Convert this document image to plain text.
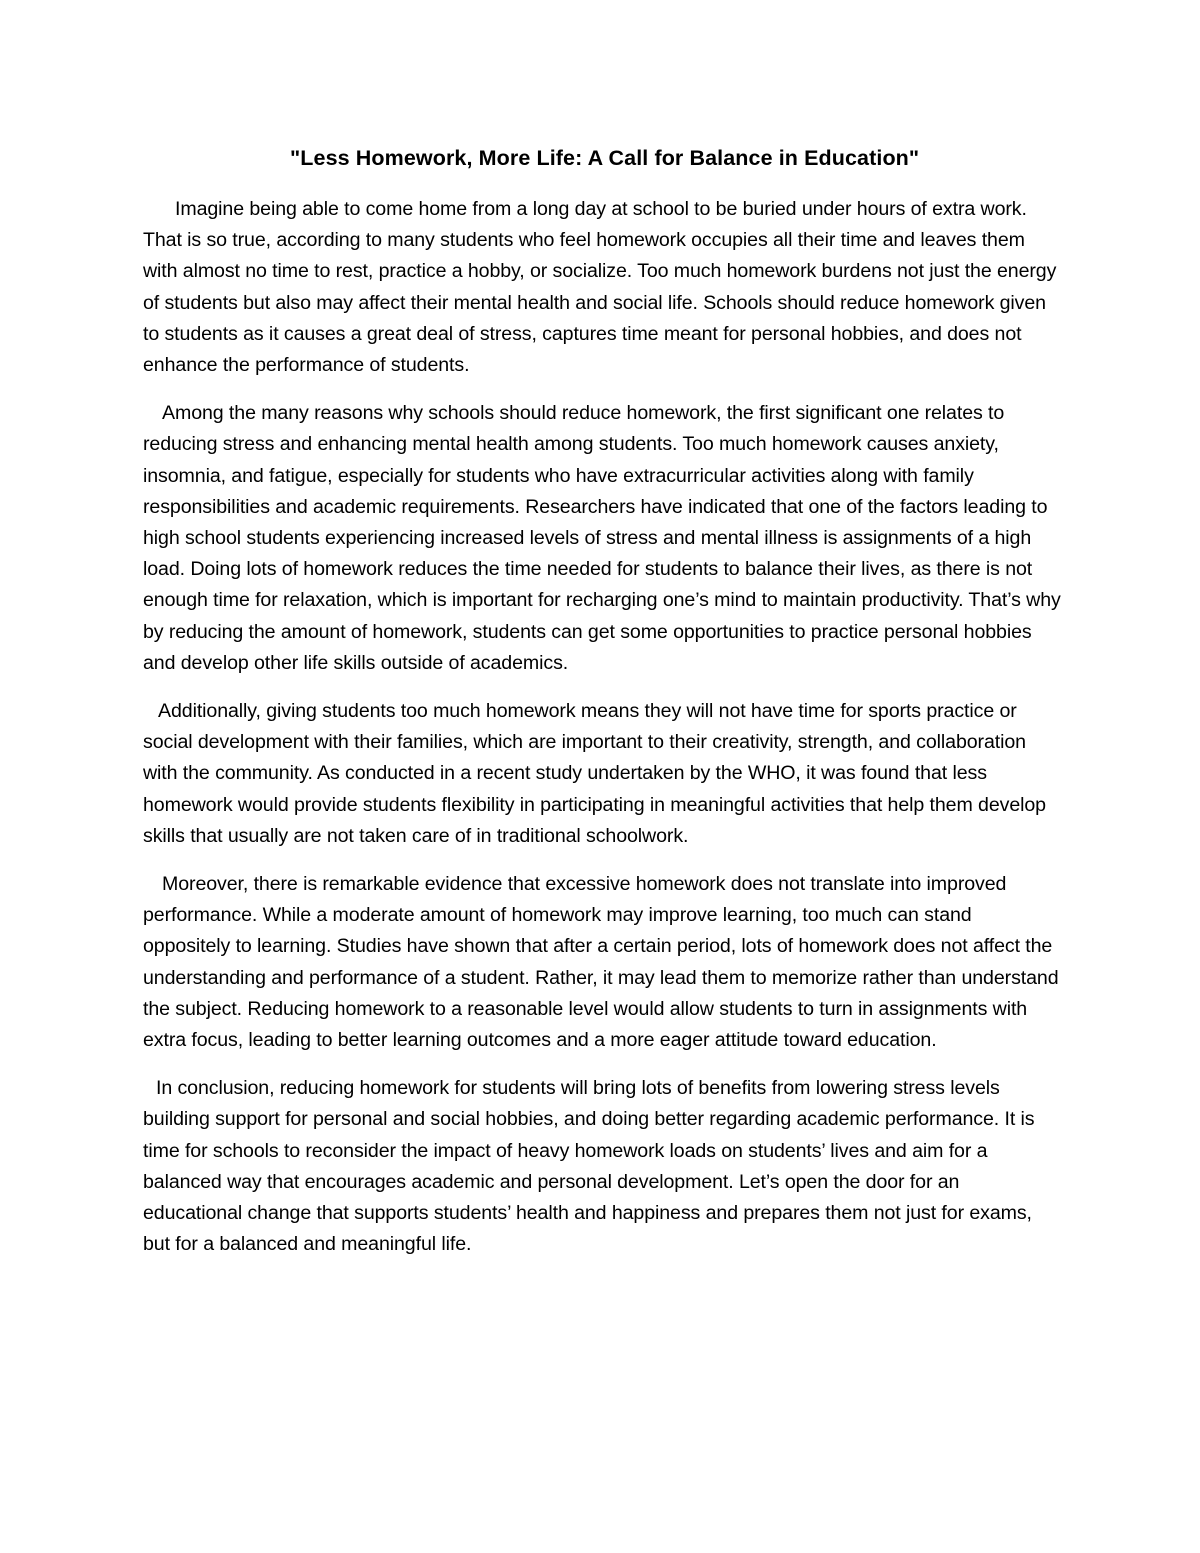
"Less Homework, More Life: A Call for Balance in Education"

Imagine being able to come home from a long day at school to be buried under hours of extra work. That is so true, according to many students who feel homework occupies all their time and leaves them with almost no time to rest, practice a hobby, or socialize. Too much homework burdens not just the energy of students but also may affect their mental health and social life. Schools should reduce homework given to students as it causes a great deal of stress, captures time meant for personal hobbies, and does not enhance the performance of students.

Among the many reasons why schools should reduce homework, the first significant one relates to reducing stress and enhancing mental health among students. Too much homework causes anxiety, insomnia, and fatigue, especially for students who have extracurricular activities along with family responsibilities and academic requirements. Researchers have indicated that one of the factors leading to high school students experiencing increased levels of stress and mental illness is assignments of a high load. Doing lots of homework reduces the time needed for students to balance their lives, as there is not enough time for relaxation, which is important for recharging one’s mind to maintain productivity. That’s why by reducing the amount of homework, students can get some opportunities to practice personal hobbies and develop other life skills outside of academics.

Additionally, giving students too much homework means they will not have time for sports practice or social development with their families, which are important to their creativity, strength, and collaboration with the community. As conducted in a recent study undertaken by the WHO, it was found that less homework would provide students flexibility in participating in meaningful activities that help them develop skills that usually are not taken care of in traditional schoolwork.

Moreover, there is remarkable evidence that excessive homework does not translate into improved performance. While a moderate amount of homework may improve learning, too much can stand oppositely to learning. Studies have shown that after a certain period, lots of homework does not affect the understanding and performance of a student. Rather, it may lead them to memorize rather than understand the subject. Reducing homework to a reasonable level would allow students to turn in assignments with extra focus, leading to better learning outcomes and a more eager attitude toward education.

In conclusion, reducing homework for students will bring lots of benefits from lowering stress levels building support for personal and social hobbies, and doing better regarding academic performance. It is time for schools to reconsider the impact of heavy homework loads on students’ lives and aim for a balanced way that encourages academic and personal development. Let’s open the door for an educational change that supports students’ health and happiness and prepares them not just for exams, but for a balanced and meaningful life.
